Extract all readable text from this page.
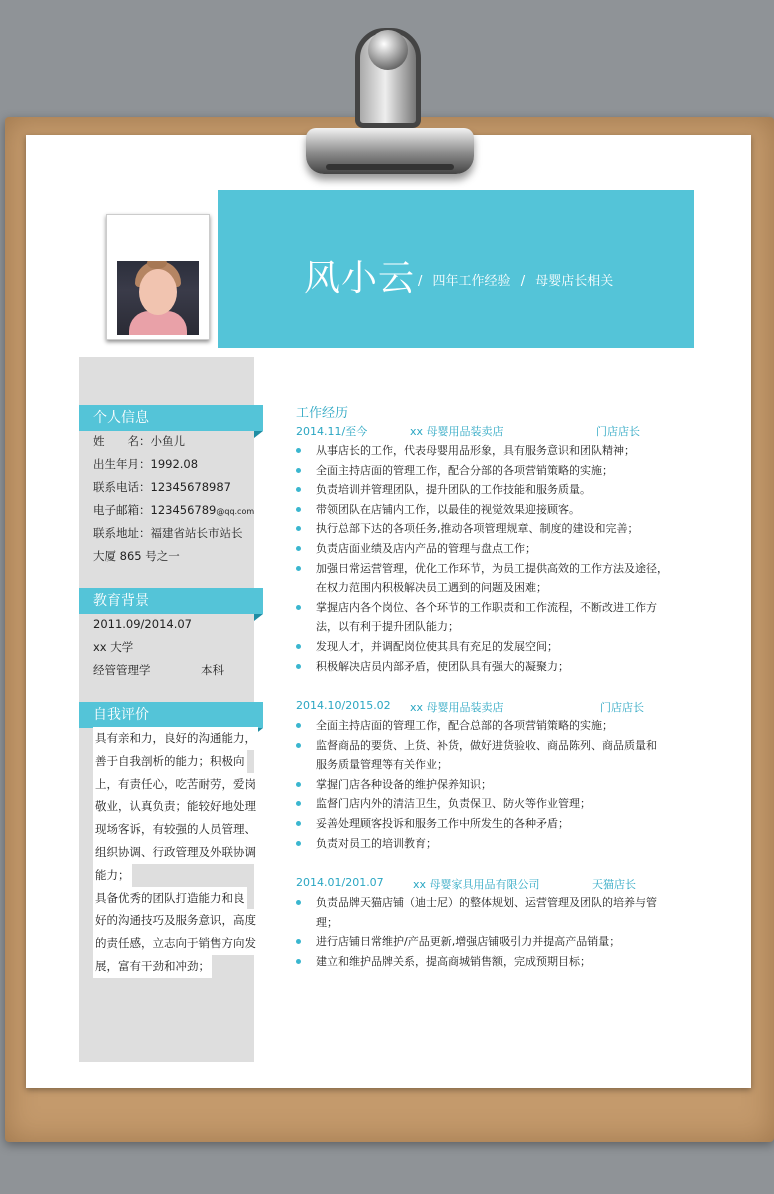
风小云 / 四年工作经验 / 母婴店长相关
个人信息
姓　　名：小鱼儿
出生年月：1992.08
联系电话：12345678987
电子邮箱：123456789@qq.com
联系地址：福建省站长市站长
大厦 865 号之一
教育背景
2011.09/2014.07
xx 大学
经管管理学	本科
自我评价
具有亲和力，良好的沟通能力，
善于自我剖析的能力；积极向
上，有责任心，吃苦耐劳，爱岗
敬业，认真负责；能较好地处理
现场客诉，有较强的人员管理、
组织协调、行政管理及外联协调
能力；
具备优秀的团队打造能力和良
好的沟通技巧及服务意识，高度
的责任感，立志向于销售方向发
展，富有干劲和冲劲；
工作经历
2014.11/至今	xx 母婴用品装卖店	门店店长
从事店长的工作，代表母婴用品形象，具有服务意识和团队精神；
全面主持店面的管理工作，配合分部的各项营销策略的实施；
负责培训并管理团队，提升团队的工作技能和服务质量。
带领团队在店铺内工作，以最佳的视觉效果迎接顾客。
执行总部下达的各项任务,推动各项管理规章、制度的建设和完善；
负责店面业绩及店内产品的管理与盘点工作；
加强日常运营管理，优化工作环节，为员工提供高效的工作方法及途径，
在权力范围内积极解决员工遇到的问题及困难；
掌握店内各个岗位、各个环节的工作职责和工作流程，不断改进工作方
法，以有利于提升团队能力；
发现人才，并调配岗位使其具有充足的发展空间；
积极解决店员内部矛盾，使团队具有强大的凝聚力；
2014.10/2015.02 xx 母婴用品装卖店	门店店长
全面主持店面的管理工作，配合总部的各项营销策略的实施；
监督商品的要货、上货、补货，做好进货验收、商品陈列、商品质量和
服务质量管理等有关作业；
掌握门店各种设备的维护保养知识；
监督门店内外的清洁卫生，负责保卫、防火等作业管理；
妥善处理顾客投诉和服务工作中所发生的各种矛盾；
负责对员工的培训教育；
2014.01/201.07	xx 母婴家具用品有限公司	天猫店长
负责品牌天猫店铺（迪士尼）的整体规划、运营管理及团队的培养与管
理；
进行店铺日常维护/产品更新,增强店铺吸引力并提高产品销量；
建立和维护品牌关系，提高商城销售额，完成预期目标；
